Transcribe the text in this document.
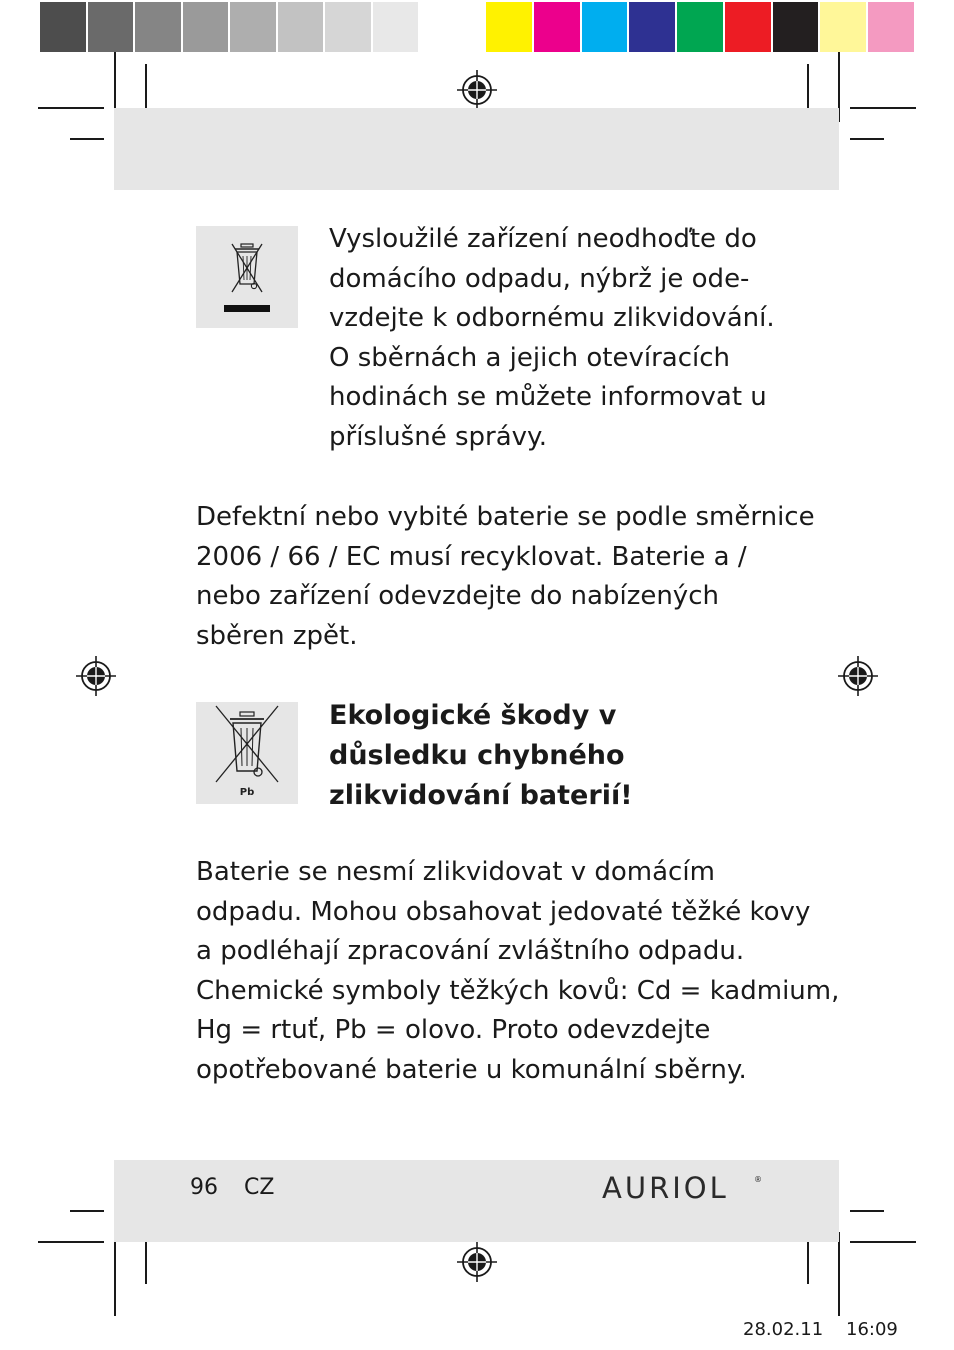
Vysloužilé zařízení neodhoďte do
domácího odpadu, nýbrž je ode-
vzdejte k odbornému zlikvidování.
O sběrnách a jejich otevíracích
hodinách se můžete informovat u
příslušné správy.
Defektní nebo vybité baterie se podle směrnice
2006 / 66 / EC musí recyklovat. Baterie a /
nebo zařízení odevzdejte do nabízených
sběren zpět.
Pb
Ekologické škody v
důsledku chybného
zlikvidování baterií!
Baterie se nesmí zlikvidovat v domácím
odpadu. Mohou obsahovat jedovaté těžké kovy
a podléhají zpracování zvláštního odpadu.
Chemické symboly těžkých kovů: Cd = kadmium,
Hg = rtuť, Pb = olovo. Proto odevzdejte
opotřebované baterie u komunální sběrny.
96 CZ	AURIOL	®
28.02.11 16:09
